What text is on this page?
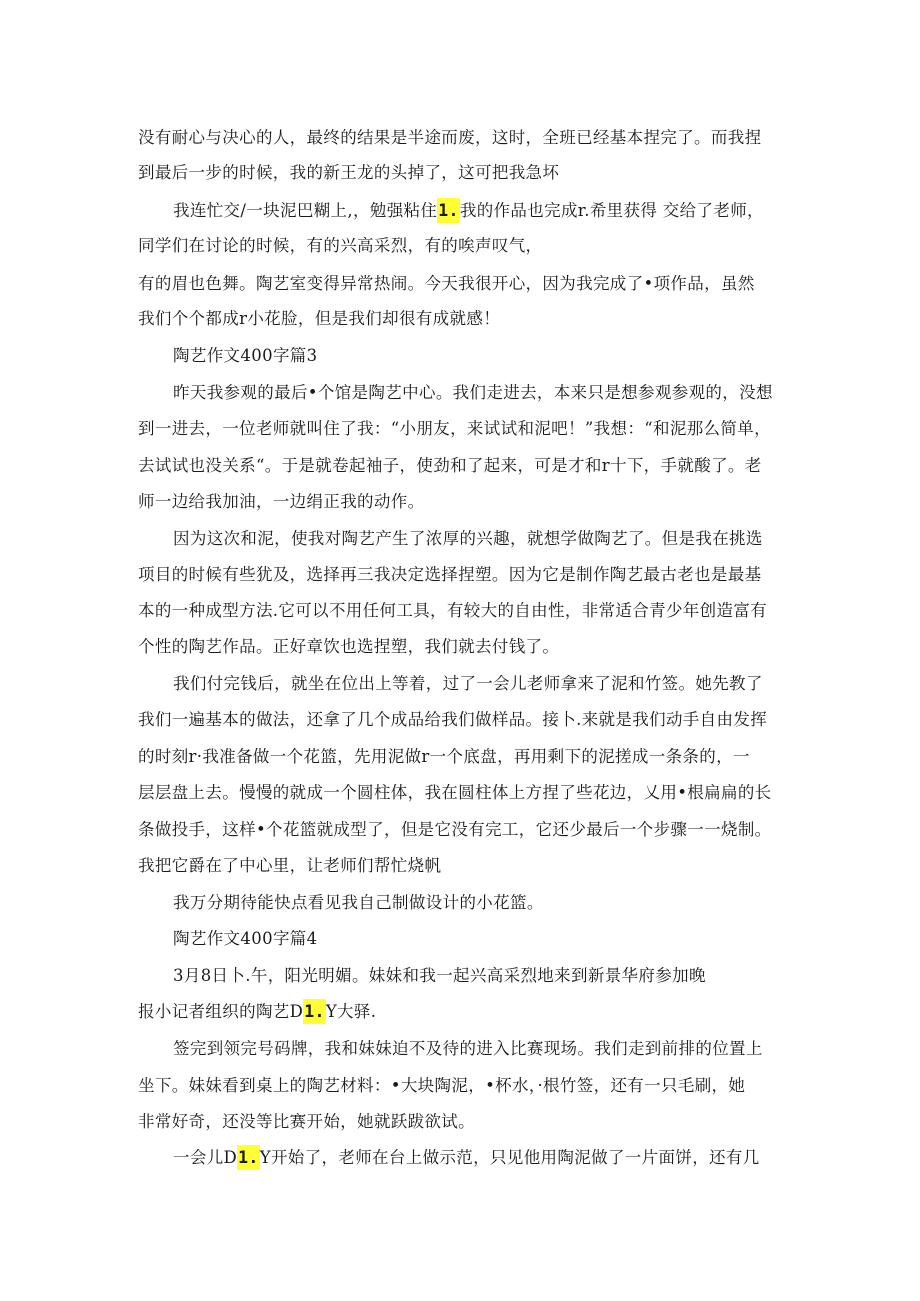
没有耐心与决心的人，最终的结果是半途而废，这时，全班已经基本捏完了。而我捏
到最后一步的时候，我的新王龙的头掉了，这可把我急坏
我连忙交/一块泥巴糊上,，勉强粘住1.我的作品也完成r.希里获得 交给了老师，
同学们在讨论的时候，有的兴高采烈，有的唉声叹气，
有的眉也色舞。陶艺室变得异常热闹。今天我很开心，因为我完成了•项作品，虽然
我们个个都成r小花脸，但是我们却很有成就感！
陶艺作文400字篇3
昨天我参观的最后•个馆是陶艺中心。我们走进去，本来只是想参观参观的，没想
到一进去，一位老师就叫住了我：“小朋友，来试试和泥吧！”我想：“和泥那么简单，
去试试也没关系“。于是就卷起袖子，使劲和了起来，可是才和r十下，手就酸了。老
师一边给我加油，一边绢正我的动作。
因为这次和泥，使我对陶艺产生了浓厚的兴趣，就想学做陶艺了。但是我在挑选
项目的时候有些犹及，选择再三我决定选择捏塑。因为它是制作陶艺最古老也是最基
本的一种成型方法.它可以不用任何工具，有较大的自由性，非常适合青少年创造富有
个性的陶艺作品。正好章饮也选捏塑，我们就去付钱了。
我们付完钱后，就坐在位出上等着，过了一会儿老师拿来了泥和竹签。她先教了
我们一遍基本的做法，还拿了几个成品给我们做样品。接卜.来就是我们动手自由发挥
的时刻r·我准备做一个花篮，先用泥做r一个底盘，再用剩下的泥搓成一条条的，一
层层盘上去。慢慢的就成一个圆柱体，我在圆柱体上方捏了些花边，乂用•根扁扁的长
条做投手，这样•个花篮就成型了，但是它没有完工，它还少最后一个步骤一一烧制。
我把它爵在了中心里，让老师们帮忙烧帆
我万分期待能快点看见我自己制做设计的小花篮。
陶艺作文400字篇4
3月8日卜.午，阳光明媚。妹妹和我一起兴高采烈地来到新景华府参加晚
报小记者组织的陶艺D1.Y大驿.
签完到领完号码牌，我和妹妹迫不及待的进入比赛现场。我们走到前排的位置上
坐下。妹妹看到桌上的陶艺材料：•大块陶泥，•杯水，·根竹签，还有一只毛刷，她
非常好奇，还没等比赛开始，她就跃跋欲试。
一会儿D1.Y开始了，老师在台上做示范，只见他用陶泥做了一片面饼，还有几
